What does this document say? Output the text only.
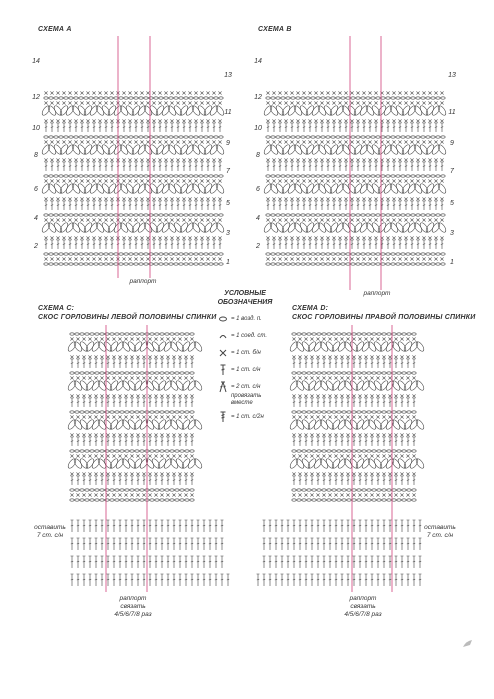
СХЕМА А
14
12
10
8
6
4
2
13
11
9
7
5
3
1
раппорт
СХЕМА В
14
12
10
8
6
4
2
13
11
9
7
5
3
1
раппорт
УСЛОВНЫЕ
ОБОЗНАЧЕНИЯ
= 1 возд. п.
= 1 соед. ст.
= 1 ст. б/н
= 1 ст. с/н
= 2 ст. с/н
провязать
вместе
= 1 ст. с/2н
СХЕМА С:
СКОС ГОРЛОВИНЫ ЛЕВОЙ ПОЛОВИНЫ СПИНКИ
оставить
7 ст. с/н
раппорт
связать
4/5/6/7/8 раз
СХЕМА D:
СКОС ГОРЛОВИНЫ ПРАВОЙ ПОЛОВИНЫ СПИНКИ
оставить
7 ст. с/н
раппорт
связать
4/5/6/7/8 раз
